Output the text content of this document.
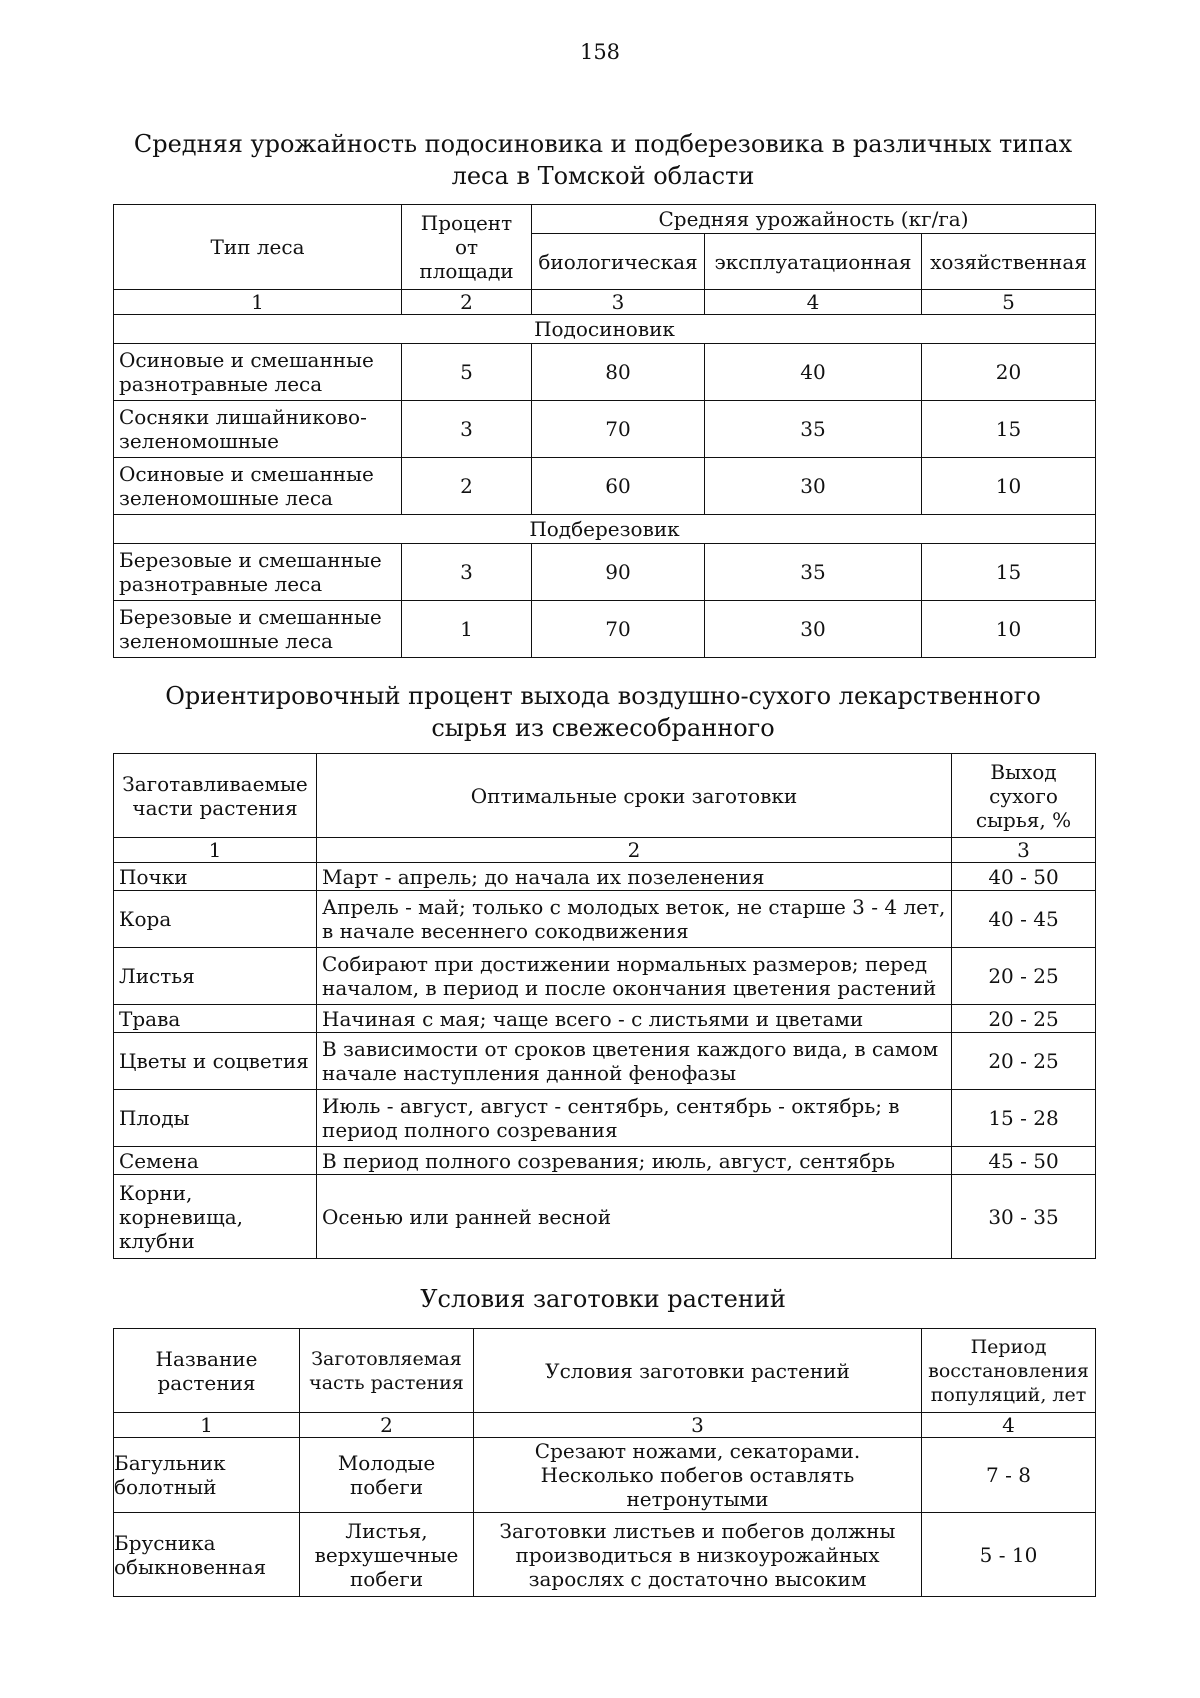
158
Средняя урожайность подосиновика и подберезовика в различных типах
леса в Томской области
Тип леса	Процент от площади	Средняя урожайность (кг/га)		
		биологическая	эксплуатационная	хозяйственная
1	2	3	4	5
Подосиновик				
Осиновые и смешанные разнотравные леса	5	80	40	20
Сосняки лишайниково-зеленомошные	3	70	35	15
Осиновые и смешанные зеленомошные леса	2	60	30	10
Подберезовик				
Березовые и смешанные разнотравные леса	3	90	35	15
Березовые и смешанные зеленомошные леса	1	70	30	10
Ориентировочный процент выхода воздушно-сухого лекарственного
сырья из свежесобранного
Заготавливаемые части растения	Оптимальные сроки заготовки	Выход сухого сырья, %
1	2	3
Почки	Март - апрель; до начала их позеленения	40 - 50
Кора	Апрель - май; только с молодых веток, не старше 3 - 4 лет, в начале весеннего сокодвижения	40 - 45
Листья	Собирают при достижении нормальных размеров; перед началом, в период и после окончания цветения растений	20 - 25
Трава	Начиная с мая; чаще всего - с листьями и цветами	20 - 25
Цветы и соцветия	В зависимости от сроков цветения каждого вида, в самом начале наступления данной фенофазы	20 - 25
Плоды	Июль - август, август - сентябрь, сентябрь - октябрь; в период полного созревания	15 - 28
Семена	В период полного созревания; июль, август, сентябрь	45 - 50
Корни, корневища, клубни	Осенью или ранней весной	30 - 35
Условия заготовки растений
Название растения	Заготовляемая часть растения	Условия заготовки растений	Период восстановления популяций, лет
1	2	3	4
Багульник болотный	Молодые побеги	Срезают ножами, секаторами. Несколько побегов оставлять нетронутыми	7 - 8
Брусника обыкновенная	Листья, верхушечные побеги	Заготовки листьев и побегов должны производиться в низкоурожайных зарослях с достаточно высоким	5 - 10
